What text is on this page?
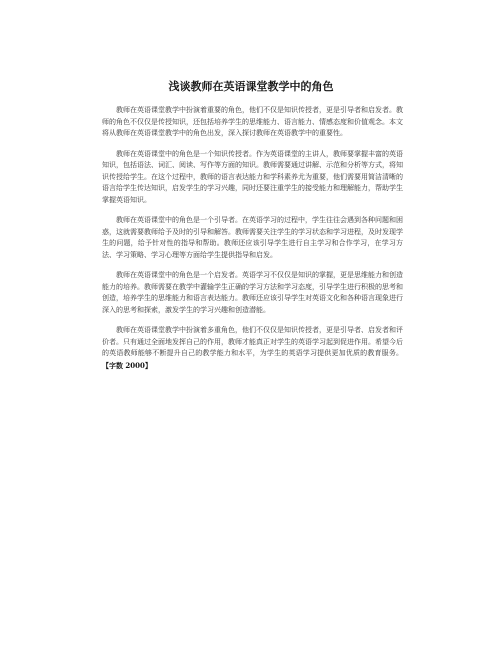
浅谈教师在英语课堂教学中的角色

教师在英语课堂教学中扮演着重要的角色，他们不仅是知识传授者，更是引导者和启发者。教师的角色不仅仅是传授知识，还包括培养学生的思维能力、语言能力、情感态度和价值观念。本文将从教师在英语课堂教学中的角色出发，深入探讨教师在英语教学中的重要性。

教师在英语课堂中的角色是一个知识传授者。作为英语课堂的主讲人，教师要掌握丰富的英语知识，包括语法、词汇、阅读、写作等方面的知识。教师需要通过讲解、示范和分析等方式，将知识传授给学生。在这个过程中，教师的语言表达能力和学科素养尤为重要，他们需要用简洁清晰的语言给学生传达知识，启发学生的学习兴趣，同时还要注重学生的接受能力和理解能力，帮助学生掌握英语知识。

教师在英语课堂中的角色是一个引导者。在英语学习的过程中，学生往往会遇到各种问题和困惑，这就需要教师给予及时的引导和解答。教师需要关注学生的学习状态和学习进程，及时发现学生的问题，给予针对性的指导和帮助。教师还应该引导学生进行自主学习和合作学习，在学习方法、学习策略、学习心理等方面给学生提供指导和启发。

教师在英语课堂中的角色是一个启发者。英语学习不仅仅是知识的掌握，更是思维能力和创造能力的培养。教师需要在教学中灌输学生正确的学习方法和学习态度，引导学生进行积极的思考和创造，培养学生的思维能力和语言表达能力。教师还应该引导学生对英语文化和各种语言现象进行深入的思考和探索，激发学生的学习兴趣和创造潜能。

教师在英语课堂教学中扮演着多重角色，他们不仅仅是知识传授者，更是引导者、启发者和评价者。只有通过全面地发挥自己的作用，教师才能真正对学生的英语学习起到促进作用。希望今后的英语教师能够不断提升自己的教学能力和水平，为学生的英语学习提供更加优质的教育服务。【字数 2000】
